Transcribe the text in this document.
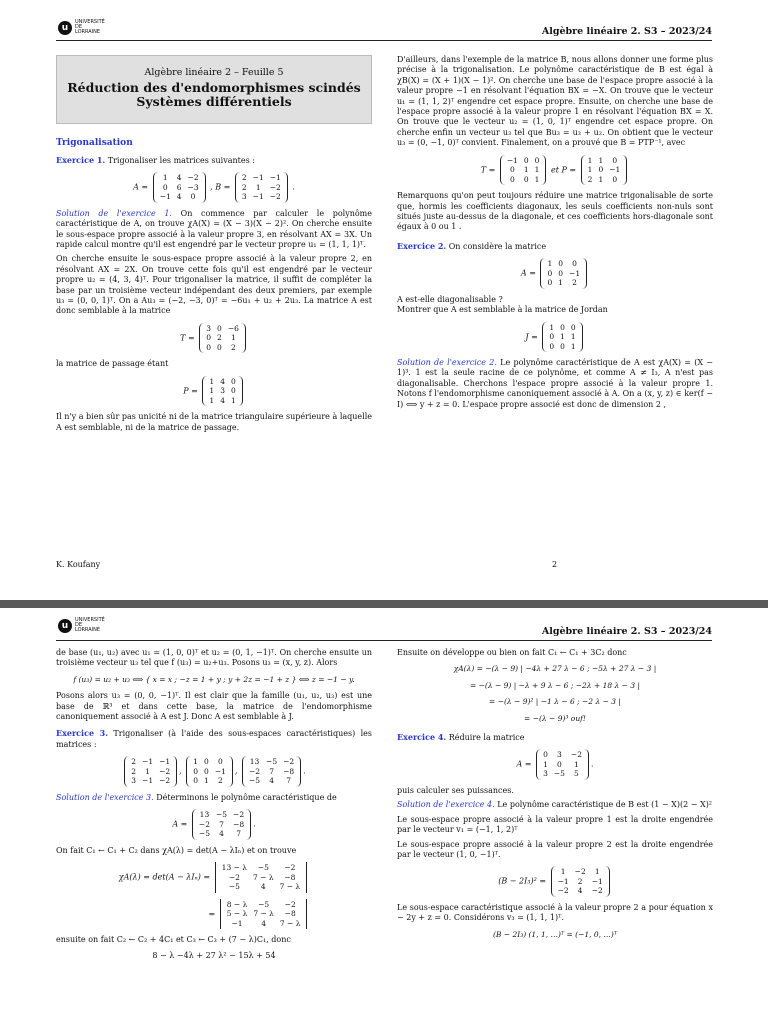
u
UNIVERSITÉ DE LORRAINE	Algèbre linéaire 2. S3 – 2023/24
Algèbre linéaire 2 – Feuille 5
Réduction des d'endomorphismes scindés
Systèmes différentiels
Trigonalisation

Exercice 1. Trigonaliser les matrices suivantes :

A =
1	4	−2
0	6	−3
−1	4	0
, B =
2	−1	−1
2	1	−2
3	−1	−2
.

Solution de l'exercice 1. On commence par calculer le polynôme caractéristique de A, on trouve χA(X) = (X − 3)(X − 2)². On cherche ensuite le sous-espace propre associé à la valeur propre 3, en résolvant AX = 3X. Un rapide calcul montre qu'il est engendré par le vecteur propre u₁ = (1, 1, 1)ᵀ.

On cherche ensuite le sous-espace propre associé à la valeur propre 2, en résolvant AX = 2X. On trouve cette fois qu'il est engendré par le vecteur propre u₂ = (4, 3, 4)ᵀ. Pour trigonaliser la matrice, il suffit de compléter la base par un troisième vecteur indépendant des deux premiers, par exemple u₃ = (0, 0, 1)ᵀ. On a Au₃ = (−2, −3, 0)ᵀ = −6u₁ + u₂ + 2u₃. La matrice A est donc semblable à la matrice

T =
3	0	−6
0	2	1
0	0	2

la matrice de passage étant

P =
1	4	0
1	3	0
1	4	1

Il n'y a bien sûr pas unicité ni de la matrice triangulaire supérieure à laquelle A est semblable, ni de la matrice de passage.

D'ailleurs, dans l'exemple de la matrice B, nous allons donner une forme plus précise à la trigonalisation. Le polynôme caractéristique de B est égal à χB(X) = (X + 1)(X − 1)². On cherche une base de l'espace propre associé à la valeur propre −1 en résolvant l'équation BX = −X. On trouve que le vecteur u₁ = (1, 1, 2)ᵀ engendre cet espace propre. Ensuite, on cherche une base de l'espace propre associé à la valeur propre 1 en résolvant l'équation BX = X. On trouve que le vecteur u₂ = (1, 0, 1)ᵀ engendre cet espace propre. On cherche enfin un vecteur u₃ tel que Bu₃ = u₃ + u₂. On obtient que le vecteur u₃ = (0, −1, 0)ᵀ convient. Finalement, on a prouvé que B = PTP⁻¹, avec

T =
−1	0	0
0	1	1
0	0	1
et P =
1	1	0
1	0	−1
2	1	0

Remarquons qu'on peut toujours réduire une matrice trigonalisable de sorte que, hormis les coefficients diagonaux, les seuls coefficients non-nuls sont situés juste au-dessus de la diagonale, et ces coefficients hors-diagonale sont égaux à 0 ou 1 .

Exercice 2. On considère la matrice

A =
1	0	0
0	0	−1
0	1	2

A est-elle diagonalisable ?

Montrer que A est semblable à la matrice de Jordan

J =
1	0	0
0	1	1
0	0	1

Solution de l'exercice 2. Le polynôme caractéristique de A est χA(X) = (X − 1)³. 1 est la seule racine de ce polynôme, et comme A ≠ I₃, A n'est pas diagonalisable. Cherchons l'espace propre associé à la valeur propre 1. Notons f l'endomorphisme canoniquement associé à A. On a (x, y, z) ∈ ker(f − I) ⟺ y + z = 0. L'espace propre associé est donc de dimension 2 ,

K. Koufany	2
u
UNIVERSITÉ DE LORRAINE	Algèbre linéaire 2. S3 – 2023/24

de base (u₁, u₂) avec u₁ = (1, 0, 0)ᵀ et u₂ = (0, 1, −1)ᵀ. On cherche ensuite un troisième vecteur u₃ tel que f (u₃) = u₂+u₃. Posons u₃ = (x, y, z). Alors

f (u₃) = u₂ + u₃ ⟺ { x = x ; −z = 1 + y ; y + 2z = −1 + z } ⟺ z = −1 − y.

Posons alors u₃ = (0, 0, −1)ᵀ. Il est clair que la famille (u₁, u₂, u₃) est une base de ℝ³ et dans cette base, la matrice de l'endomorphisme canoniquement associé à A est J. Donc A est semblable à J.

Exercice 3. Trigonaliser (à l'aide des sous-espaces caractéristiques) les matrices :

2	−1	−1
2	1	−2
3	−1	−2
,
1	0	0
0	0	−1
0	1	2
,
13	−5	−2
−2	7	−8
−5	4	7
.

Solution de l'exercice 3. Déterminons le polynôme caractéristique de

A =
13	−5	−2
−2	7	−8
−5	4	7
.

On fait C₁ ← C₁ + C₂ dans χA(λ) = det(A − λIₙ) et on trouve

χA(λ) = det(A − λIₙ) =
13 − λ	−5	−2
−2	7 − λ	−8
−5	4	7 − λ
=
8 − λ	−5	−2
5 − λ	7 − λ	−8
−1	4	7 − λ

ensuite on fait C₂ ← C₂ + 4C₁ et C₃ ← C₃ + (7 − λ)C₁, donc

8 − λ −4λ + 27 λ² − 15λ + 54

Ensuite on développe ou bien on fait C₁ ← C₁ + 3C₂ donc

χA(λ) = −(λ − 9) | −4λ + 27 λ − 6 ; −5λ + 27 λ − 3 |
= −(λ − 9) | −λ + 9 λ − 6 ; −2λ + 18 λ − 3 |
= −(λ − 9)² | −1 λ − 6 ; −2 λ − 3 |
= −(λ − 9)³ ouf!

Exercice 4. Réduire la matrice

A =
0	3	−2
1	0	1
3	−5	5
.

puis calculer ses puissances.

Solution de l'exercice 4. Le polynôme caractéristique de B est (1 − X)(2 − X)²

Le sous-espace propre associé à la valeur propre 1 est la droite engendrée par le vecteur v₁ = (−1, 1, 2)ᵀ

Le sous-espace propre associé à la valeur propre 2 est la droite engendrée par le vecteur (1, 0, −1)ᵀ.

(B − 2I₃)² =
1	−2	1
−1	2	−1
−2	4	−2

Le sous-espace caractéristique associé à la valeur propre 2 a pour équation x − 2y + z = 0. Considérons v₃ = (1, 1, 1)ᵀ.

(B − 2I₃) (1, 1, …)ᵀ = (−1, 0, …)ᵀ
